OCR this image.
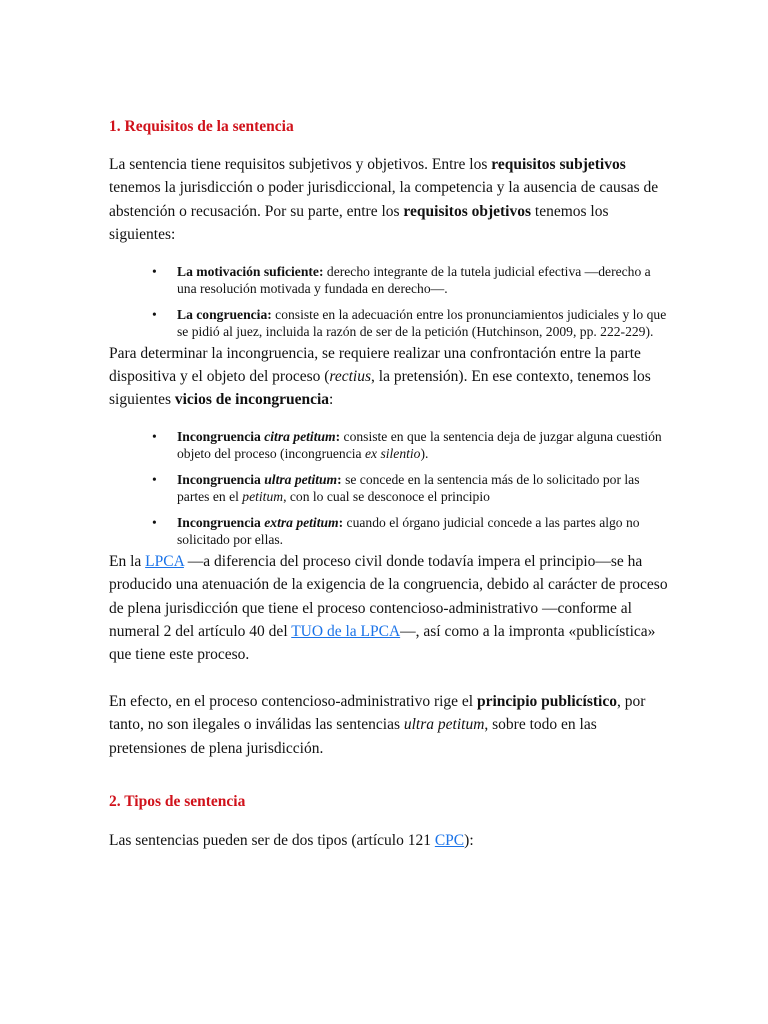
1. Requisitos de la sentencia

La sentencia tiene requisitos subjetivos y objetivos. Entre los requisitos subjetivos tenemos la jurisdicción o poder jurisdiccional, la competencia y la ausencia de causas de abstención o recusación. Por su parte, entre los requisitos objetivos tenemos los siguientes:

• La motivación suficiente: derecho integrante de la tutela judicial efectiva —derecho a una resolución motivada y fundada en derecho—.
• La congruencia: consiste en la adecuación entre los pronunciamientos judiciales y lo que se pidió al juez, incluida la razón de ser de la petición (Hutchinson, 2009, pp. 222-229).

Para determinar la incongruencia, se requiere realizar una confrontación entre la parte dispositiva y el objeto del proceso (rectius, la pretensión). En ese contexto, tenemos los siguientes vicios de incongruencia:

• Incongruencia citra petitum: consiste en que la sentencia deja de juzgar alguna cuestión objeto del proceso (incongruencia ex silentio).
• Incongruencia ultra petitum: se concede en la sentencia más de lo solicitado por las partes en el petitum, con lo cual se desconoce el principio
• Incongruencia extra petitum: cuando el órgano judicial concede a las partes algo no solicitado por ellas.

En la LPCA —a diferencia del proceso civil donde todavía impera el principio—se ha producido una atenuación de la exigencia de la congruencia, debido al carácter de proceso de plena jurisdicción que tiene el proceso contencioso-administrativo —conforme al numeral 2 del artículo 40 del TUO de la LPCA—, así como a la impronta «publicística» que tiene este proceso.

En efecto, en el proceso contencioso-administrativo rige el principio publicístico, por tanto, no son ilegales o inválidas las sentencias ultra petitum, sobre todo en las pretensiones de plena jurisdicción.

2. Tipos de sentencia

Las sentencias pueden ser de dos tipos (artículo 121 CPC):
